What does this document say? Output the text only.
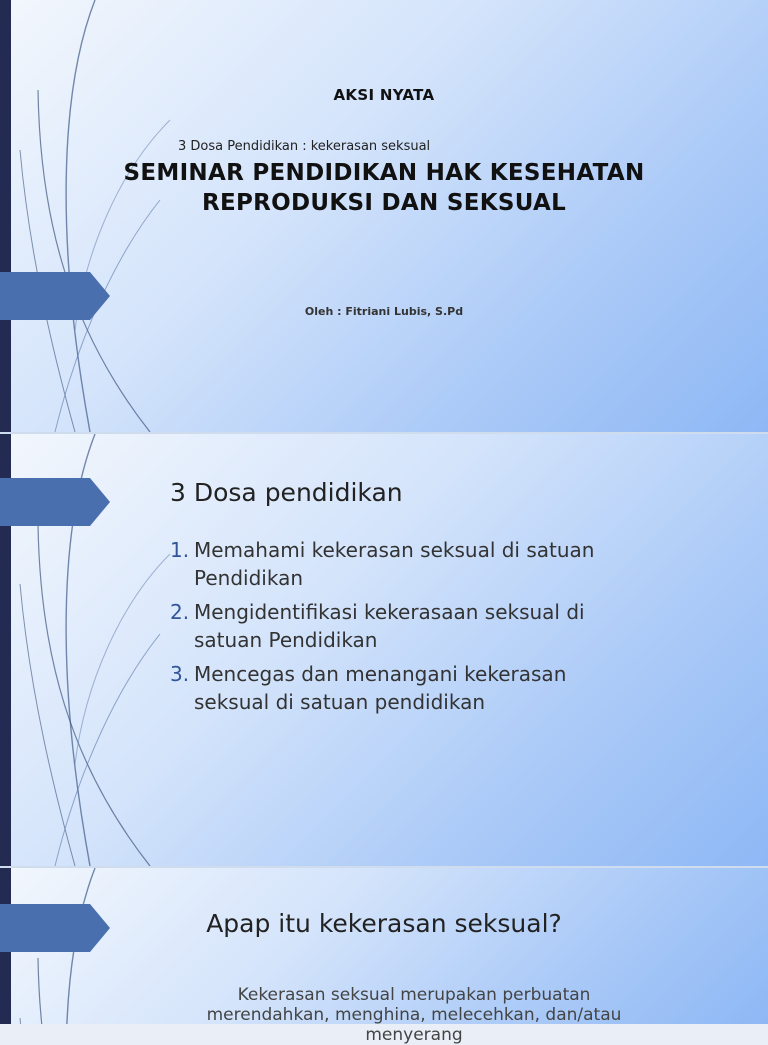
AKSI NYATA
3 Dosa Pendidikan : kekerasan seksual
SEMINAR PENDIDIKAN HAK KESEHATAN
REPRODUKSI DAN SEKSUAL
Oleh : Fitriani Lubis, S.Pd
3 Dosa pendidikan
1. Memahami kekerasan seksual di satuan
Pendidikan
2. Mengidentifikasi kekerasaan seksual di
satuan Pendidikan
3. Mencegas dan menangani kekerasan
seksual di satuan pendidikan
Apap itu kekerasan seksual?
Kekerasan seksual merupakan perbuatan
merendahkan, menghina, melecehkan, dan/atau menyerang
